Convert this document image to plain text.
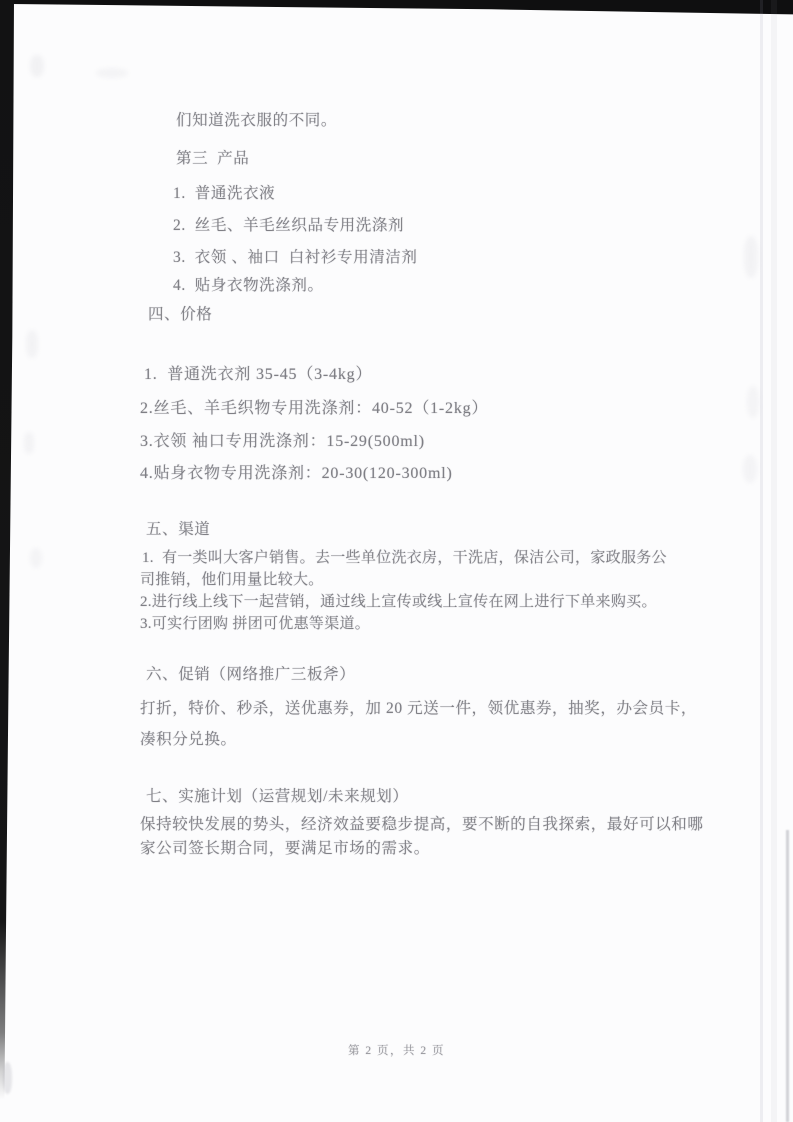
们知道洗衣服的不同。
第三  产品
1.  普通洗衣液
2.  丝毛、羊毛丝织品专用洗涤剂
3.  衣领 、袖口  白衬衫专用清洁剂
4.  贴身衣物洗涤剂。
四、价格
1.  普通洗衣剂 35-45（3-4kg）
2.丝毛、羊毛织物专用洗涤剂：40-52（1-2kg）
3.衣领 袖口专用洗涤剂：15-29(500ml)
4.贴身衣物专用洗涤剂：20-30(120-300ml)
五、渠道
1.  有一类叫大客户销售。去一些单位洗衣房，干洗店，保洁公司，家政服务公
司推销，他们用量比较大。
2.进行线上线下一起营销，通过线上宣传或线上宣传在网上进行下单来购买。
3.可实行团购 拼团可优惠等渠道。
六、促销（网络推广三板斧）
打折，特价、秒杀，送优惠券，加 20 元送一件，领优惠券，抽奖，办会员卡，
凑积分兑换。
七、实施计划（运营规划/未来规划）
保持较快发展的势头，经济效益要稳步提高，要不断的自我探索，最好可以和哪
家公司签长期合同，要满足市场的需求。
第 2 页，共 2 页
